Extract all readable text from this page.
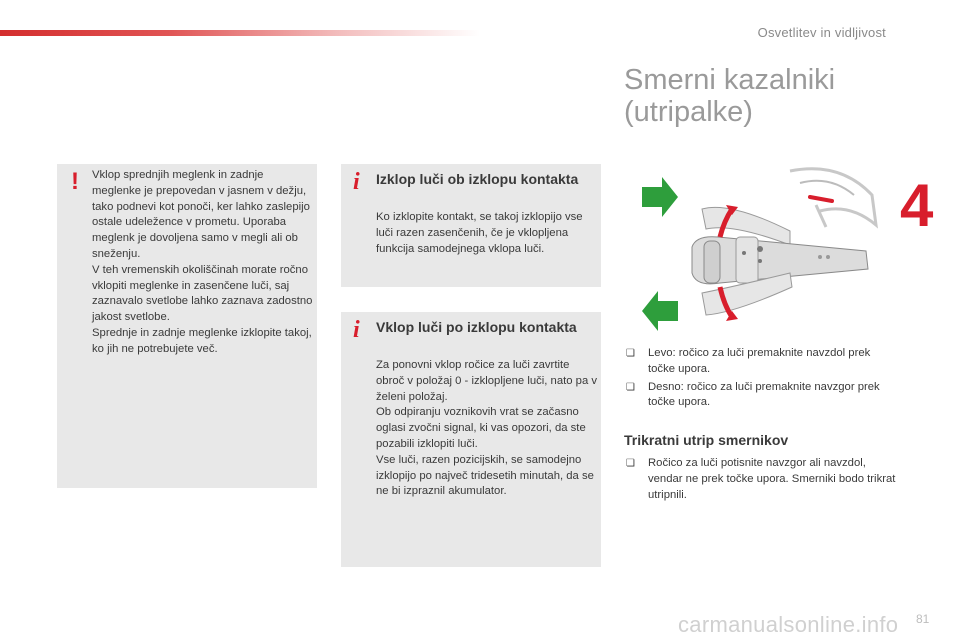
Osvetlitev in vidljivost
Smerni kazalniki
(utripalke)
4
! Vklop sprednjih meglenk in zadnje meglenke je prepovedan v jasnem v dežju, tako podnevi kot ponoči, ker lahko zaslepijo ostale udeležence v prometu. Uporaba meglenk je dovoljena samo v megli ali ob sneženju.
V teh vremenskih okoliščinah morate ročno vklopiti meglenke in zasenčene luči, saj zaznavalo svetlobe lahko zaznava zadostno jakost svetlobe.
Sprednje in zadnje meglenke izklopite takoj, ko jih ne potrebujete več.
i Izklop luči ob izklopu kontakta
Ko izklopite kontakt, se takoj izklopijo vse luči razen zasenčenih, če je vklopljena funkcija samodejnega vklopa luči.
i Vklop luči po izklopu kontakta
Za ponovni vklop ročice za luči zavrtite obroč v položaj 0 - izklopljene luči, nato pa v želeni položaj.
Ob odpiranju voznikovih vrat se začasno oglasi zvočni signal, ki vas opozori, da ste pozabili izklopiti luči.
Vse luči, razen pozicijskih, se samodejno izklopijo po največ tridesetih minutah, da se ne bi izpraznil akumulator.
❏ Levo: ročico za luči premaknite navzdol prek točke upora.
❏ Desno: ročico za luči premaknite navzgor prek točke upora.
Trikratni utrip smernikov
❏ Ročico za luči potisnite navzgor ali navzdol, vendar ne prek točke upora. Smerniki bodo trikrat utripnili.
carmanualsonline.info 81
